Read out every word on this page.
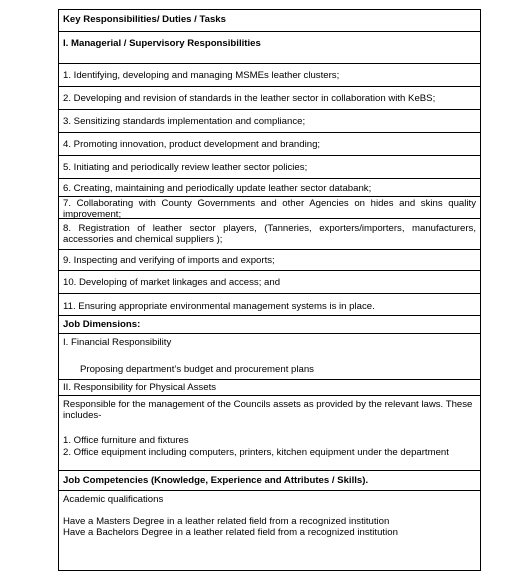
Key Responsibilities/ Duties / Tasks
I. Managerial / Supervisory Responsibilities
1. Identifying, developing and managing MSMEs leather clusters;
2. Developing and revision of standards in the leather sector in collaboration with KeBS;
3. Sensitizing standards implementation and compliance;
4. Promoting innovation, product development and branding;
5. Initiating and periodically review leather sector policies;
6. Creating, maintaining and periodically update leather sector databank;
7. Collaborating with County Governments and other Agencies on hides and skins quality improvement;
8. Registration of leather sector players, (Tanneries, exporters/importers, manufacturers, accessories and chemical suppliers );
9. Inspecting and verifying of imports and exports;
10. Developing of market linkages and access; and
11. Ensuring appropriate environmental management systems is in place.
Job Dimensions:
I. Financial Responsibility
Proposing department’s budget and procurement plans
II. Responsibility for Physical Assets
Responsible for the management of the Councils assets as provided by the relevant laws. These includes-
1. Office furniture and fixtures
2. Office equipment including computers, printers, kitchen equipment under the department
Job Competencies (Knowledge, Experience and Attributes / Skills).
Academic qualifications
Have a Masters Degree in a leather related field from a recognized institution
Have a Bachelors Degree in a leather related field from a recognized institution
